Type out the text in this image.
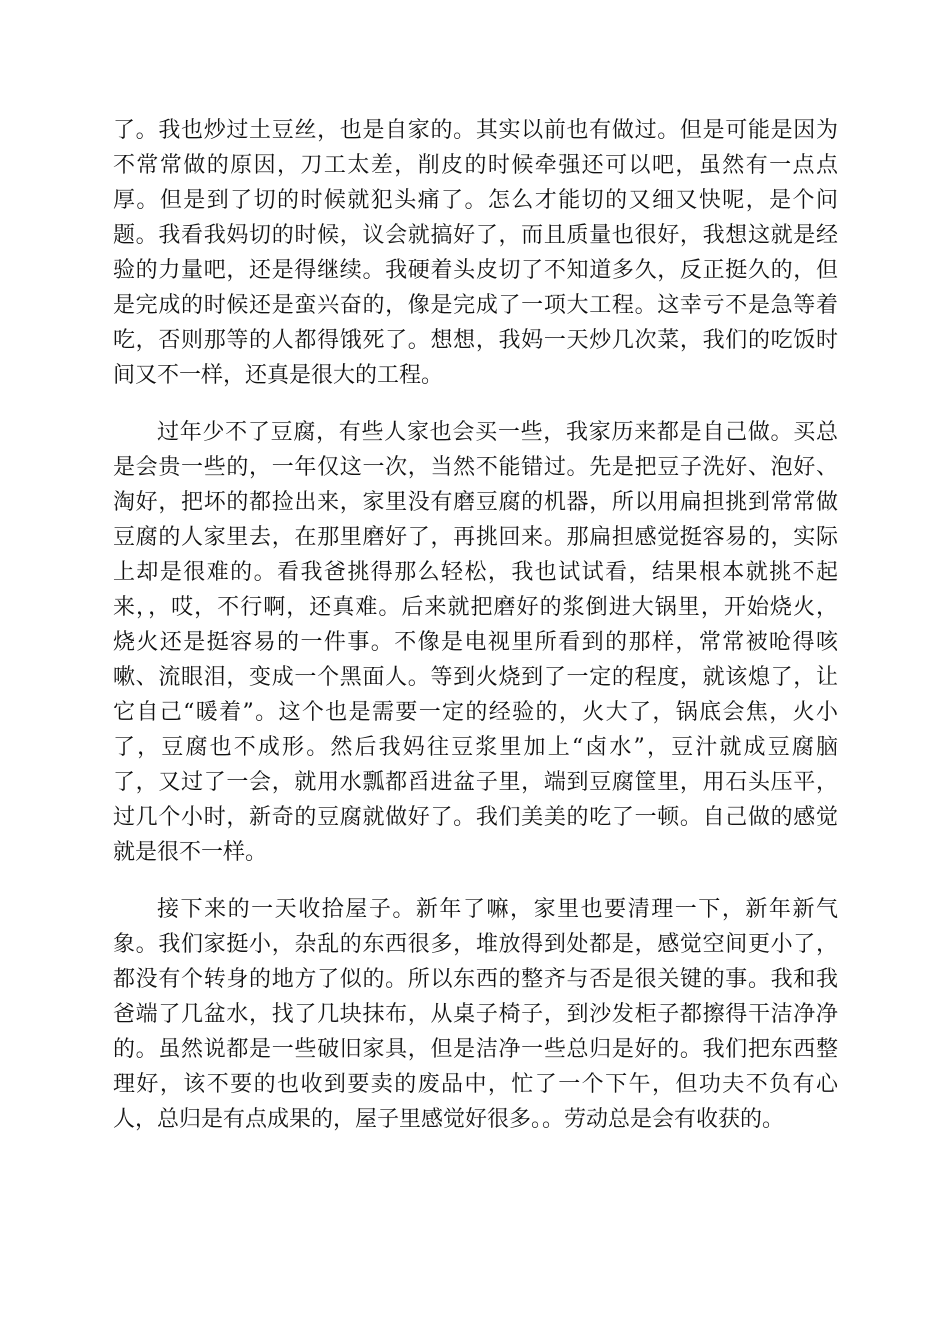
了。我也炒过土豆丝，也是自家的。其实以前也有做过。但是可能是因为
不常常做的原因，刀工太差，削皮的时候牵强还可以吧，虽然有一点点
厚。但是到了切的时候就犯头痛了。怎么才能切的又细又快呢，是个问
题。我看我妈切的时候，议会就搞好了，而且质量也很好，我想这就是经
验的力量吧，还是得继续。我硬着头皮切了不知道多久，反正挺久的，但
是完成的时候还是蛮兴奋的，像是完成了一项大工程。这幸亏不是急等着
吃，否则那等的人都得饿死了。想想，我妈一天炒几次菜，我们的吃饭时
间又不一样，还真是很大的工程。
过年少不了豆腐，有些人家也会买一些，我家历来都是自己做。买总
是会贵一些的，一年仅这一次，当然不能错过。先是把豆子洗好、泡好、
淘好，把坏的都捡出来，家里没有磨豆腐的机器，所以用扁担挑到常常做
豆腐的人家里去，在那里磨好了，再挑回来。那扁担感觉挺容易的，实际
上却是很难的。看我爸挑得那么轻松，我也试试看，结果根本就挑不起
来，，哎，不行啊，还真难。后来就把磨好的浆倒进大锅里，开始烧火，
烧火还是挺容易的一件事。不像是电视里所看到的那样，常常被呛得咳
嗽、流眼泪，变成一个黑面人。等到火烧到了一定的程度，就该熄了，让
它自己“暖着”。这个也是需要一定的经验的，火大了，锅底会焦，火小
了，豆腐也不成形。然后我妈往豆浆里加上“卤水”，豆汁就成豆腐脑
了，又过了一会，就用水瓢都舀进盆子里，端到豆腐筐里，用石头压平，
过几个小时，新奇的豆腐就做好了。我们美美的吃了一顿。自己做的感觉
就是很不一样。
接下来的一天收拾屋子。新年了嘛，家里也要清理一下，新年新气
象。我们家挺小，杂乱的东西很多，堆放得到处都是，感觉空间更小了，
都没有个转身的地方了似的。所以东西的整齐与否是很关键的事。我和我
爸端了几盆水，找了几块抹布，从桌子椅子，到沙发柜子都擦得干洁净净
的。虽然说都是一些破旧家具，但是洁净一些总归是好的。我们把东西整
理好，该不要的也收到要卖的废品中，忙了一个下午，但功夫不负有心
人，总归是有点成果的，屋子里感觉好很多。。劳动总是会有收获的。
